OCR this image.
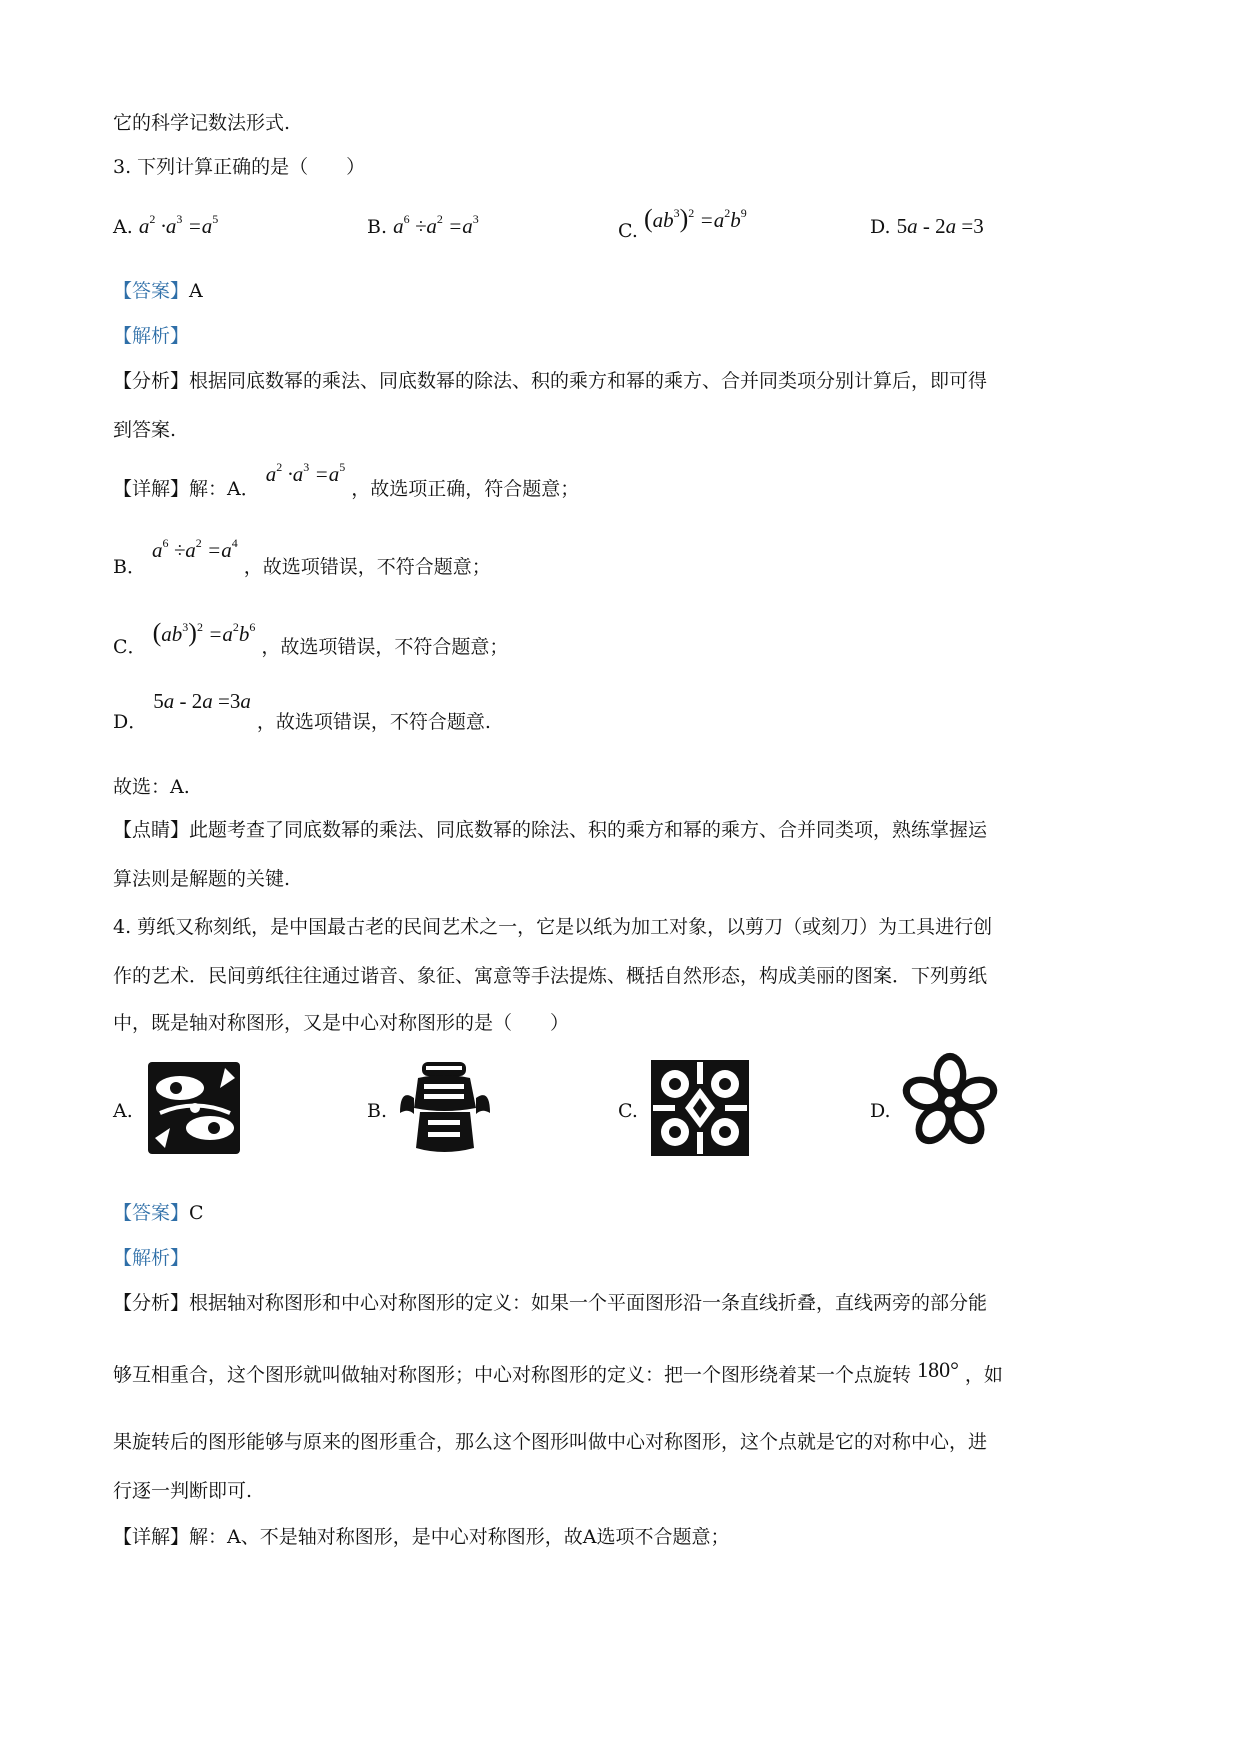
它的科学记数法形式.
3. 下列计算正确的是（　　）
A. $a^2 \cdot a^3 =a^5$	B. $a^6 \div a^2 =a^3$
C. $(ab^3)^2 =a^2b^9$
D. 5a - 2a =3
【答案】A
【解析】
【分析】根据同底数幂的乘法、同底数幂的除法、积的乘方和幂的乘方、合并同类项分别计算后，即可得
到答案.
【详解】解：A． $a^2 \cdot a^3 =a^5$ ，故选项正确，符合题意；
B． $a^6 \div a^2 =a^4$ ，故选项错误，不符合题意；
C． $(ab^3)^2 =a^2b^6$ ，故选项错误，不符合题意；
D． 5a - 2a =3a ，故选项错误，不符合题意.
故选：A.
【点睛】此题考查了同底数幂的乘法、同底数幂的除法、积的乘方和幂的乘方、合并同类项，熟练掌握运
算法则是解题的关键.
4. 剪纸又称刻纸，是中国最古老的民间艺术之一，它是以纸为加工对象，以剪刀（或刻刀）为工具进行创
作的艺术．民间剪纸往往通过谐音、象征、寓意等手法提炼、概括自然形态，构成美丽的图案．下列剪纸
中，既是轴对称图形，又是中心对称图形的是（　　）
A.	B.	C.	D.
【答案】C
【解析】
【分析】根据轴对称图形和中心对称图形的定义：如果一个平面图形沿一条直线折叠，直线两旁的部分能
够互相重合，这个图形就叫做轴对称图形；中心对称图形的定义：把一个图形绕着某一个点旋转 180° ，如
果旋转后的图形能够与原来的图形重合，那么这个图形叫做中心对称图形，这个点就是它的对称中心，进
行逐一判断即可.
【详解】解：A、不是轴对称图形，是中心对称图形，故A选项不合题意；
